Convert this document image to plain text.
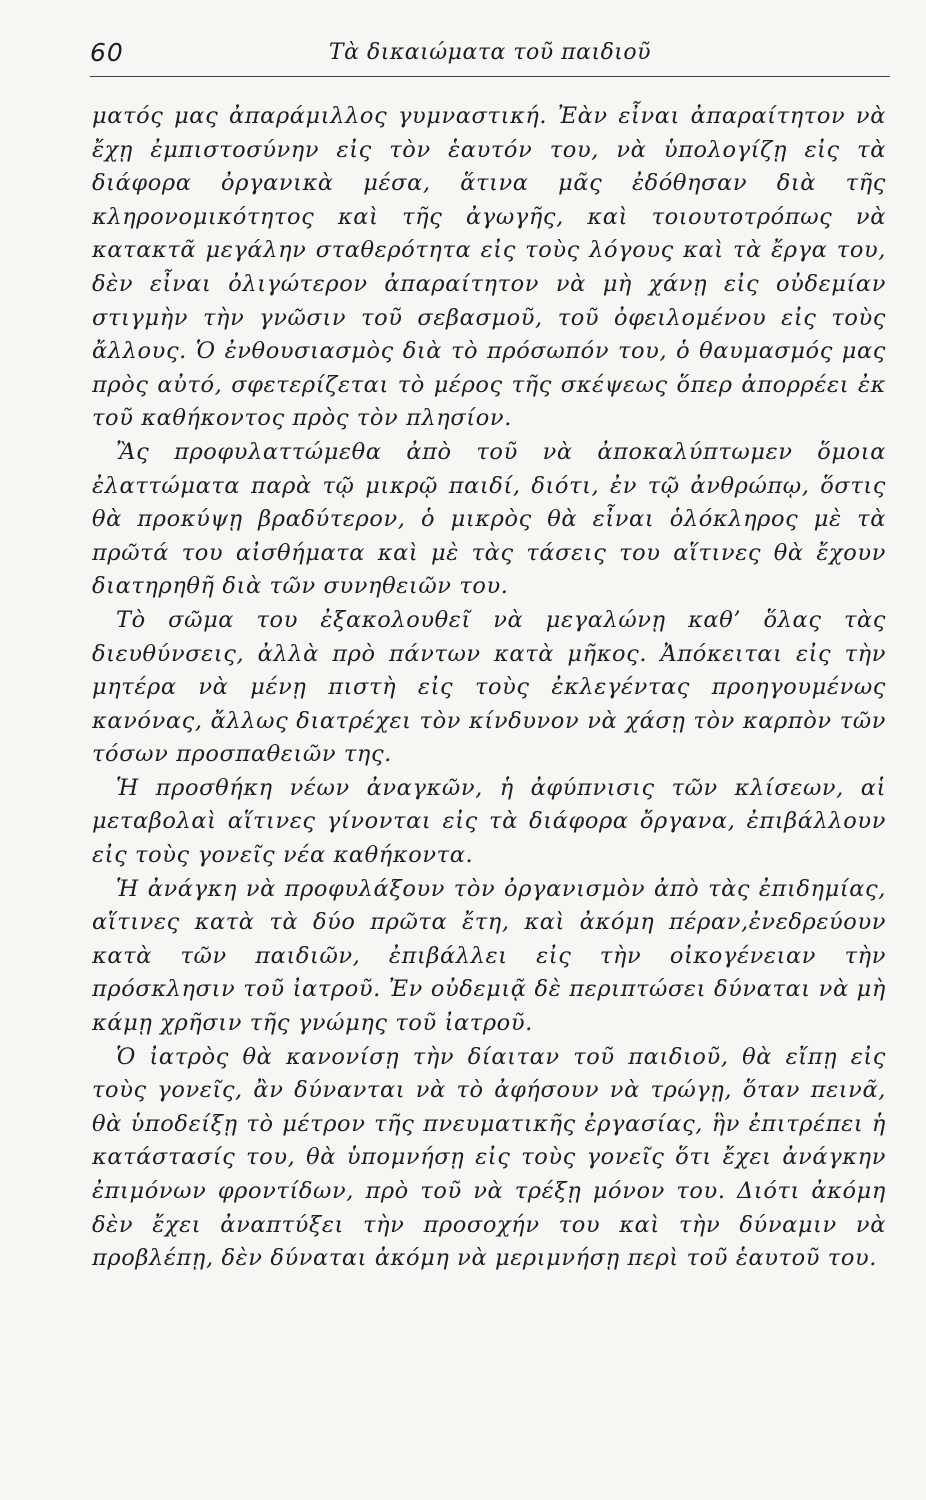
60	Τὰ δικαιώματα τοῦ παιδιοῦ

ματός μας ἀπαράμιλλος γυμναστική. Ἐὰν εἶναι ἀπαραίτητον νὰ ἔχῃ ἐμπιστοσύνην εἰς τὸν ἑαυτόν του, νὰ ὑπολογίζῃ εἰς τὰ διάφορα ὀργανικὰ μέσα, ἅτινα μᾶς ἐδόθησαν διὰ τῆς κληρονομικότητος καὶ τῆς ἀγωγῆς, καὶ τοιουτοτρόπως νὰ κατακτᾶ μεγάλην σταθερότητα εἰς τοὺς λόγους καὶ τὰ ἔργα του, δὲν εἶναι ὀλιγώτερον ἀπαραίτητον νὰ μὴ χάνῃ εἰς οὐδεμίαν στιγμὴν τὴν γνῶσιν τοῦ σεβασμοῦ, τοῦ ὀφειλομένου εἰς τοὺς ἄλλους. Ὁ ἐνθουσιασμὸς διὰ τὸ πρόσωπόν του, ὁ θαυμασμός μας πρὸς αὐτό, σφετερίζεται τὸ μέρος τῆς σκέψεως ὅπερ ἀπορρέει ἐκ τοῦ καθήκοντος πρὸς τὸν πλησίον.

Ἂς προφυλαττώμεθα ἀπὸ τοῦ νὰ ἀποκαλύπτωμεν ὅμοια ἐλαττώματα παρὰ τῷ μικρῷ παιδί, διότι, ἐν τῷ ἀνθρώπῳ, ὅστις θὰ προκύψῃ βραδύτερον, ὁ μικρὸς θὰ εἶναι ὁλόκληρος μὲ τὰ πρῶτά του αἰσθήματα καὶ μὲ τὰς τάσεις του αἵτινες θὰ ἔχουν διατηρηθῆ διὰ τῶν συνηθειῶν του.

Τὸ σῶμα του ἐξακολουθεῖ νὰ μεγαλώνῃ καθ’ ὅλας τὰς διευθύνσεις, ἀλλὰ πρὸ πάντων κατὰ μῆκος. Ἀπόκειται εἰς τὴν μητέρα νὰ μένῃ πιστὴ εἰς τοὺς ἐκλεγέντας προηγουμένως κανόνας, ἄλλως διατρέχει τὸν κίνδυνον νὰ χάσῃ τὸν καρπὸν τῶν τόσων προσπαθειῶν της.

Ἡ προσθήκη νέων ἀναγκῶν, ἡ ἀφύπνισις τῶν κλίσεων, αἱ μεταβολαὶ αἵτινες γίνονται εἰς τὰ διάφορα ὄργανα, ἐπιβάλλουν εἰς τοὺς γονεῖς νέα καθήκοντα.

Ἡ ἀνάγκη νὰ προφυλάξουν τὸν ὀργανισμὸν ἀπὸ τὰς ἐπιδημίας, αἵτινες κατὰ τὰ δύο πρῶτα ἔτη, καὶ ἀκόμη πέραν,ἐνεδρεύουν κατὰ τῶν παιδιῶν, ἐπιβάλλει εἰς τὴν οἰκογένειαν τὴν πρόσκλησιν τοῦ ἰατροῦ. Ἐν οὐδεμιᾷ δὲ περιπτώσει δύναται νὰ μὴ κάμῃ χρῆσιν τῆς γνώμης τοῦ ἰατροῦ.

Ὁ ἰατρὸς θὰ κανονίσῃ τὴν δίαιταν τοῦ παιδιοῦ, θὰ εἴπῃ εἰς τοὺς γονεῖς, ἂν δύνανται νὰ τὸ ἀφήσουν νὰ τρώγῃ, ὅταν πεινᾶ, θὰ ὑποδείξῃ τὸ μέτρον τῆς πνευματικῆς ἐργασίας, ἣν ἐπιτρέπει ἡ κατάστασίς του, θὰ ὑπομνήσῃ εἰς τοὺς γονεῖς ὅτι ἔχει ἀνάγκην ἐπιμόνων φροντίδων, πρὸ τοῦ νὰ τρέξῃ μόνον του. Διότι ἀκόμη δὲν ἔχει ἀναπτύξει τὴν προσοχήν του καὶ τὴν δύναμιν νὰ προβλέπῃ, δὲν δύναται ἀκόμη νὰ μεριμνήσῃ περὶ τοῦ ἑαυτοῦ του.
